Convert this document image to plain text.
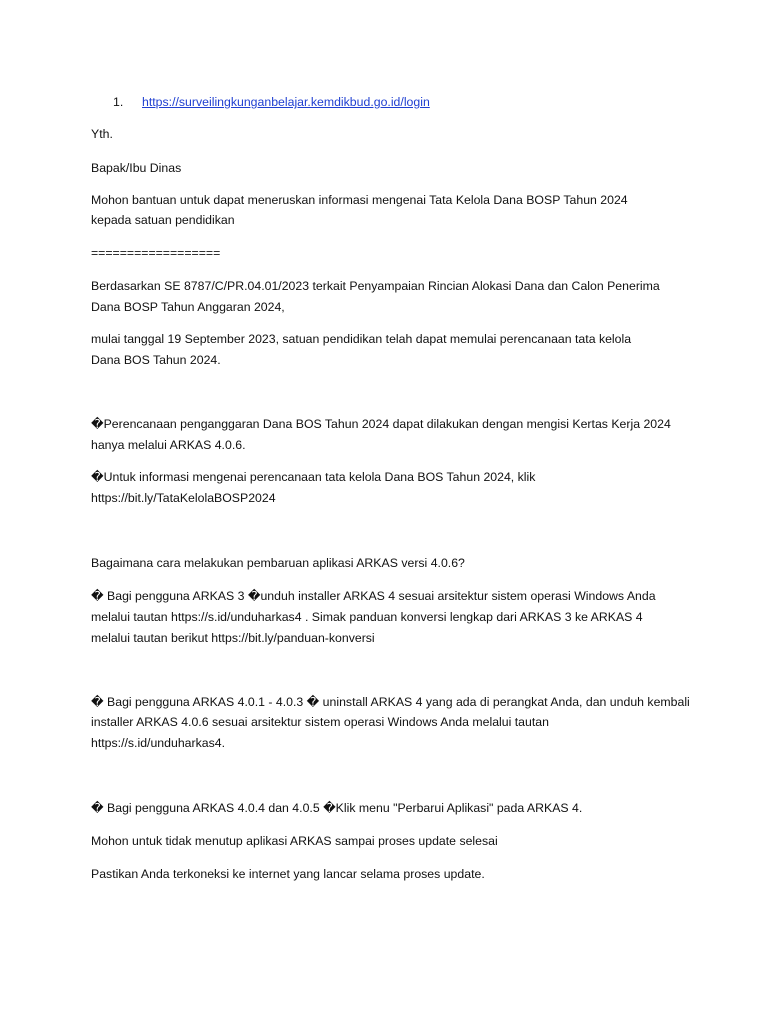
1. https://surveilingkunganbelajar.kemdikbud.go.id/login
Yth.
Bapak/Ibu Dinas
Mohon bantuan untuk dapat meneruskan informasi mengenai Tata Kelola Dana BOSP Tahun 2024
kepada satuan pendidikan
==================
Berdasarkan SE 8787/C/PR.04.01/2023 terkait Penyampaian Rincian Alokasi Dana dan Calon Penerima
Dana BOSP Tahun Anggaran 2024,
mulai tanggal 19 September 2023, satuan pendidikan telah dapat memulai perencanaan tata kelola
Dana BOS Tahun 2024.
�Perencanaan penganggaran Dana BOS Tahun 2024 dapat dilakukan dengan mengisi Kertas Kerja 2024
hanya melalui ARKAS 4.0.6.
�Untuk informasi mengenai perencanaan tata kelola Dana BOS Tahun 2024, klik
https://bit.ly/TataKelolaBOSP2024
Bagaimana cara melakukan pembaruan aplikasi ARKAS versi 4.0.6?
� Bagi pengguna ARKAS 3 �unduh installer ARKAS 4 sesuai arsitektur sistem operasi Windows Anda
melalui tautan https://s.id/unduharkas4 . Simak panduan konversi lengkap dari ARKAS 3 ke ARKAS 4
melalui tautan berikut https://bit.ly/panduan-konversi
� Bagi pengguna ARKAS 4.0.1 - 4.0.3 � uninstall ARKAS 4 yang ada di perangkat Anda, dan unduh kembali
installer ARKAS 4.0.6 sesuai arsitektur sistem operasi Windows Anda melalui tautan
https://s.id/unduharkas4.
� Bagi pengguna ARKAS 4.0.4 dan 4.0.5 �Klik menu "Perbarui Aplikasi" pada ARKAS 4.
Mohon untuk tidak menutup aplikasi ARKAS sampai proses update selesai
Pastikan Anda terkoneksi ke internet yang lancar selama proses update.
